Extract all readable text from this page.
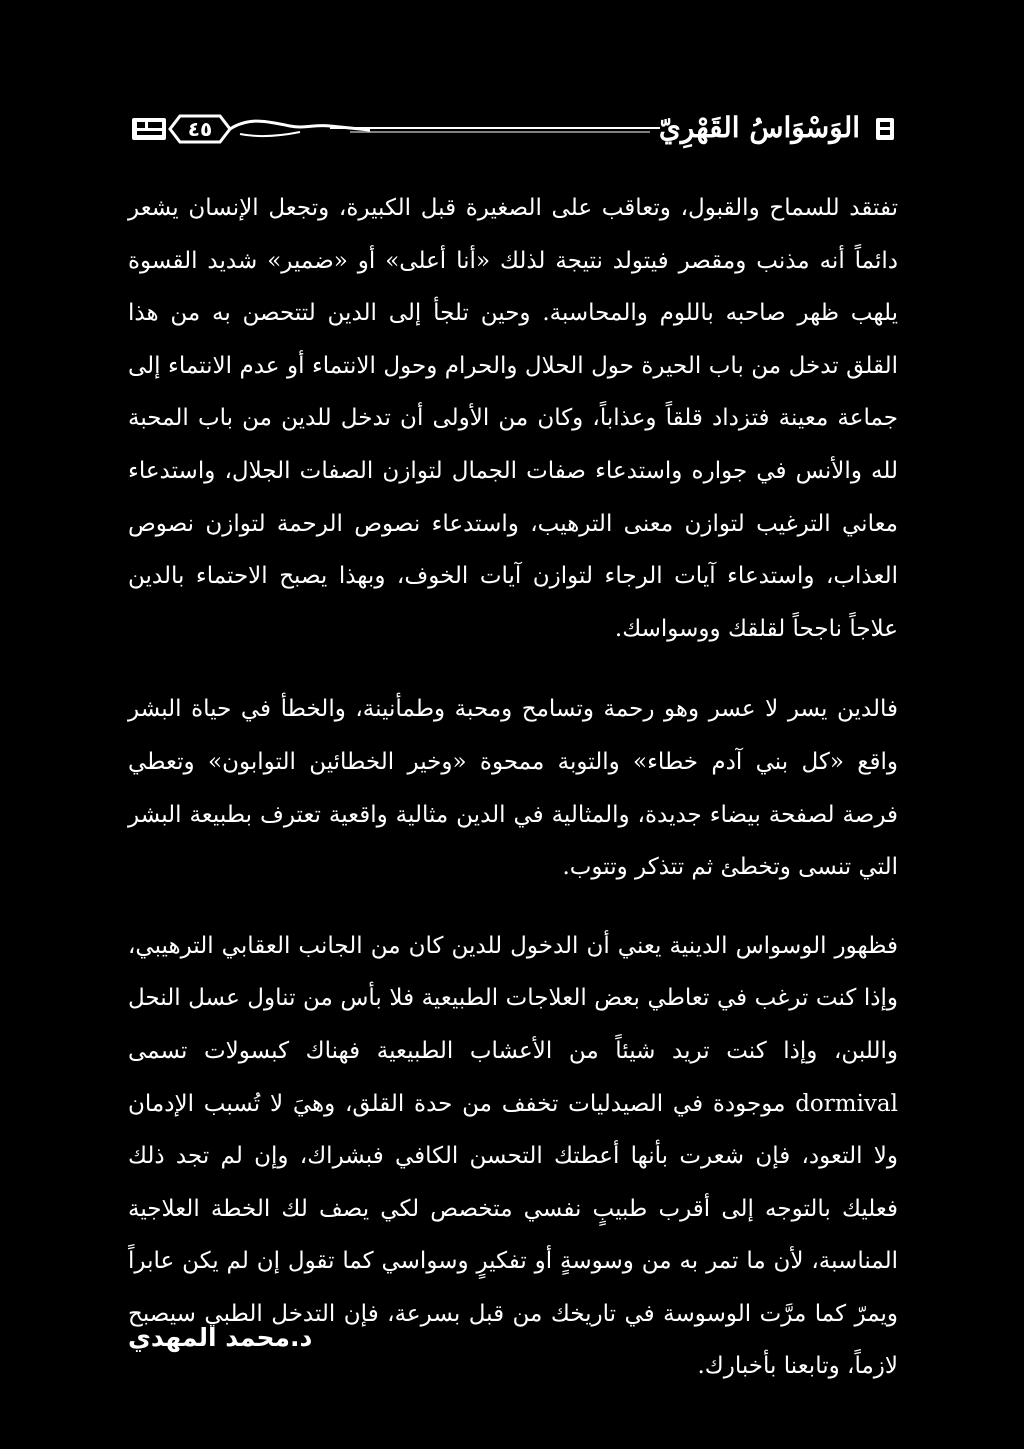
٤٥	الوَسْوَاسُ القَهْرِيّ

تفتقد للسماح والقبول، وتعاقب على الصغيرة قبل الكبيرة، وتجعل الإنسان يشعر دائماً أنه مذنب ومقصر فيتولد نتيجة لذلك «أنا أعلى» أو «ضمير» شديد القسوة يلهب ظهر صاحبه باللوم والمحاسبة. وحين تلجأ إلى الدين لتتحصن به من هذا القلق تدخل من باب الحيرة حول الحلال والحرام وحول الانتماء أو عدم الانتماء إلى جماعة معينة فتزداد قلقاً وعذاباً، وكان من الأولى أن تدخل للدين من باب المحبة لله والأنس في جواره واستدعاء صفات الجمال لتوازن الصفات الجلال، واستدعاء معاني الترغيب لتوازن معنى الترهيب، واستدعاء نصوص الرحمة لتوازن نصوص العذاب، واستدعاء آيات الرجاء لتوازن آيات الخوف، وبهذا يصبح الاحتماء بالدين علاجاً ناجحاً لقلقك ووسواسك.

فالدين يسر لا عسر وهو رحمة وتسامح ومحبة وطمأنينة، والخطأ في حياة البشر واقع «كل بني آدم خطاء» والتوبة ممحوة «وخير الخطائين التوابون» وتعطي فرصة لصفحة بيضاء جديدة، والمثالية في الدين مثالية واقعية تعترف بطبيعة البشر التي تنسى وتخطئ ثم تتذكر وتتوب.

فظهور الوسواس الدينية يعني أن الدخول للدين كان من الجانب العقابي الترهيبي، وإذا كنت ترغب في تعاطي بعض العلاجات الطبيعية فلا بأس من تناول عسل النحل واللبن، وإذا كنت تريد شيئاً من الأعشاب الطبيعية فهناك كبسولات تسمى dormival موجودة في الصيدليات تخفف من حدة القلق، وهيَ لا تُسبب الإدمان ولا التعود، فإن شعرت بأنها أعطتك التحسن الكافي فبشراك، وإن لم تجد ذلك فعليك بالتوجه إلى أقرب طبيبٍ نفسي متخصص لكي يصف لك الخطة العلاجية المناسبة، لأن ما تمر به من وسوسةٍ أو تفكيرٍ وسواسي كما تقول إن لم يكن عابراً ويمرّ كما مرَّت الوسوسة في تاريخك من قبل بسرعة، فإن التدخل الطبي سيصبح لازماً، وتابعنا بأخبارك.

د.محمد المهدي
